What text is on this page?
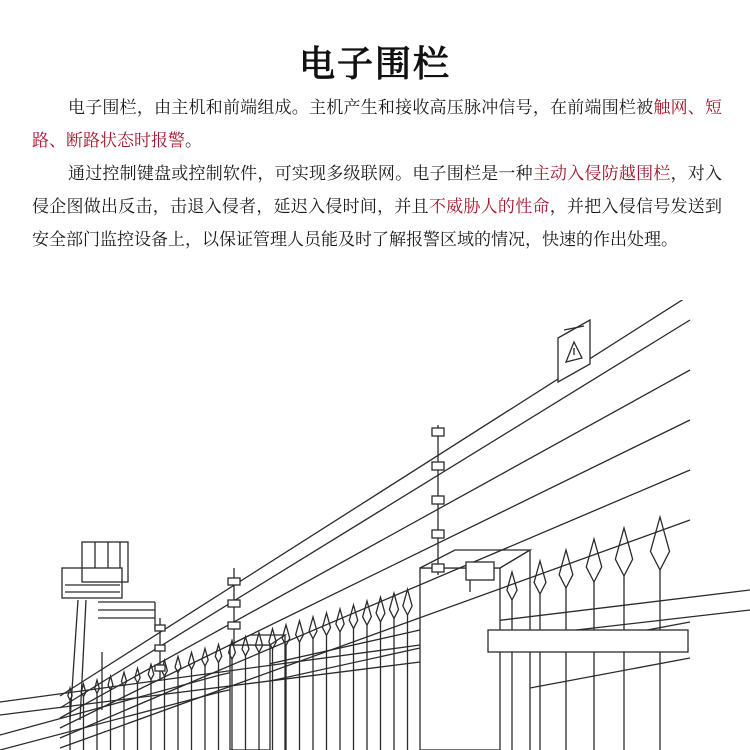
电子围栏

电子围栏，由主机和前端组成。主机产生和接收高压脉冲信号，在前端围栏被触网、短路、断路状态时报警。

通过控制键盘或控制软件，可实现多级联网。电子围栏是一种主动入侵防越围栏，对入侵企图做出反击，击退入侵者，延迟入侵时间，并且不威胁人的性命，并把入侵信号发送到安全部门监控设备上，以保证管理人员能及时了解报警区域的情况，快速的作出处理。
